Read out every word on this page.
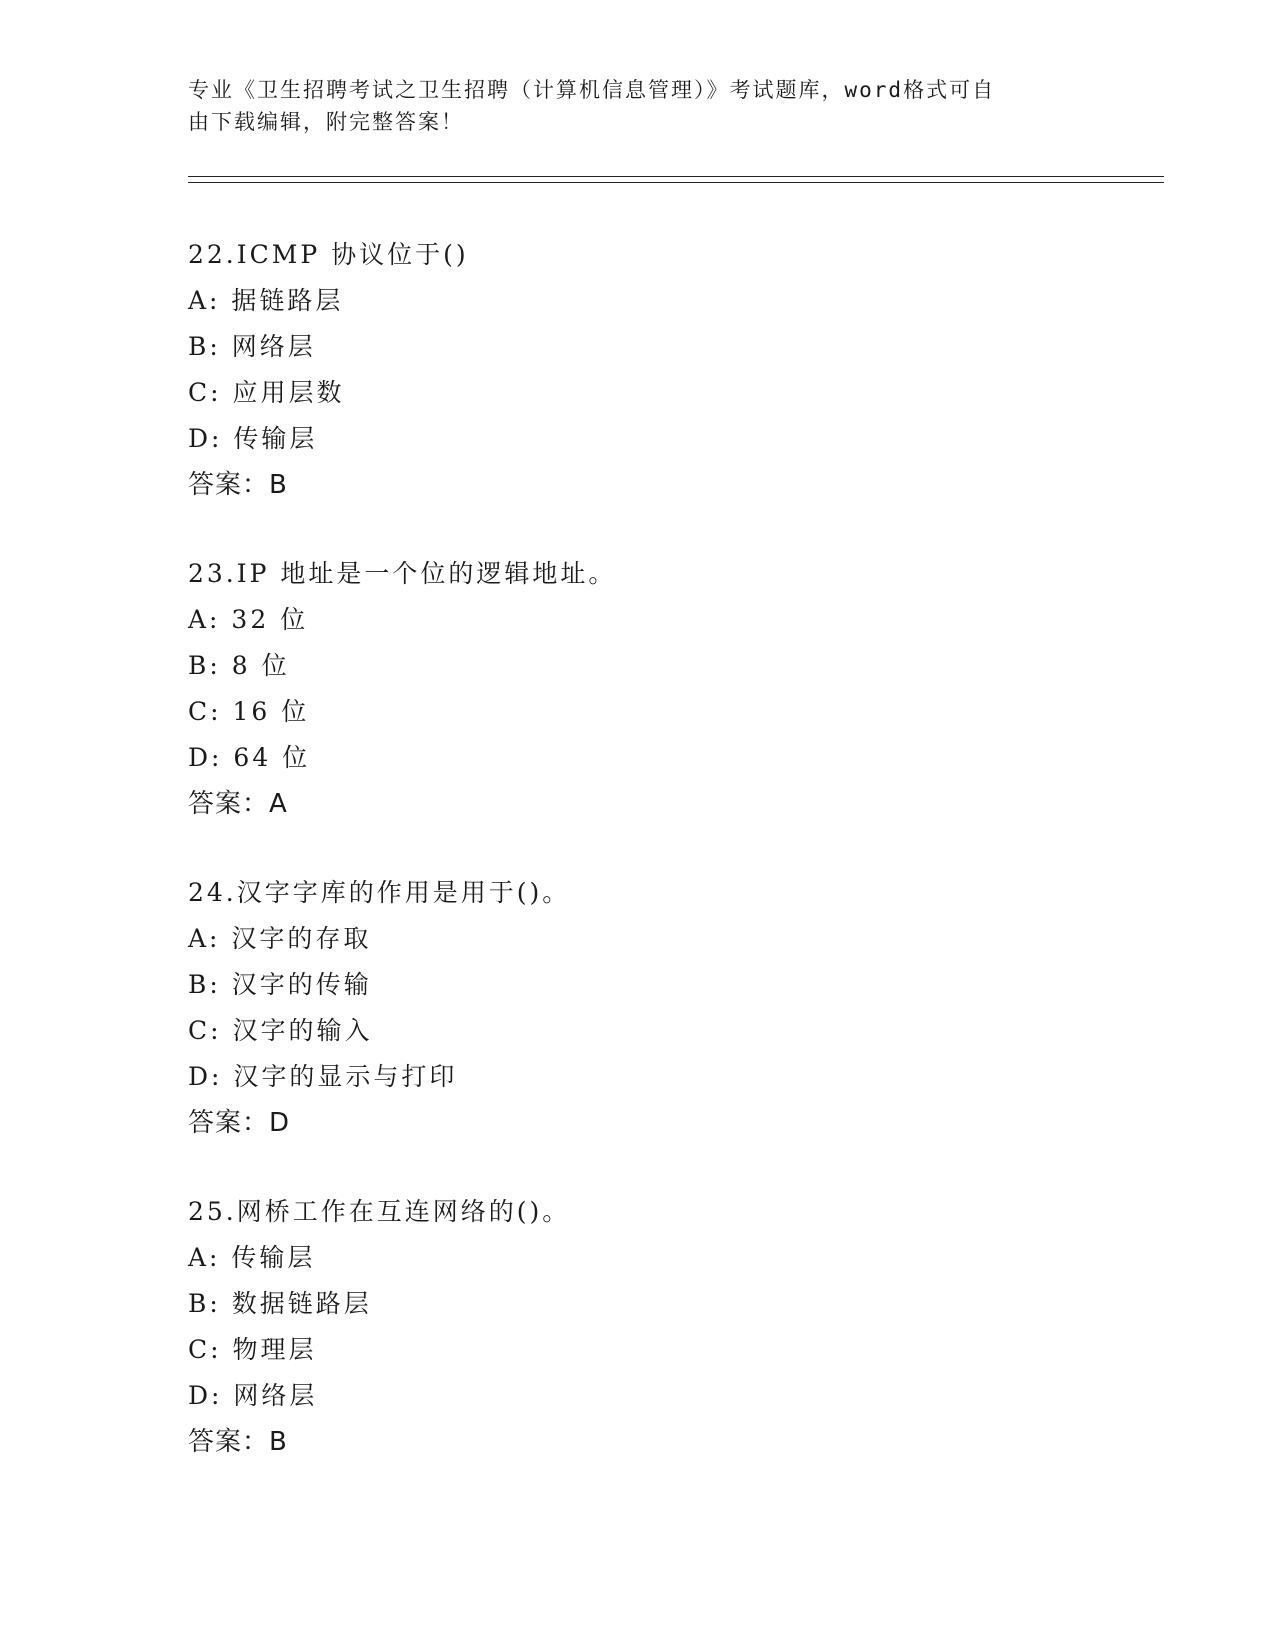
专业《卫生招聘考试之卫生招聘（计算机信息管理）》考试题库，word格式可自
由下载编辑，附完整答案！
22.ICMP 协议位于()
A: 据链路层
B: 网络层
C: 应用层数
D: 传输层
答案：B
23.IP 地址是一个位的逻辑地址。
A: 32 位
B: 8 位
C: 16 位
D: 64 位
答案：A
24.汉字字库的作用是用于()。
A: 汉字的存取
B: 汉字的传输
C: 汉字的输入
D: 汉字的显示与打印
答案：D
25.网桥工作在互连网络的()。
A: 传输层
B: 数据链路层
C: 物理层
D: 网络层
答案：B
